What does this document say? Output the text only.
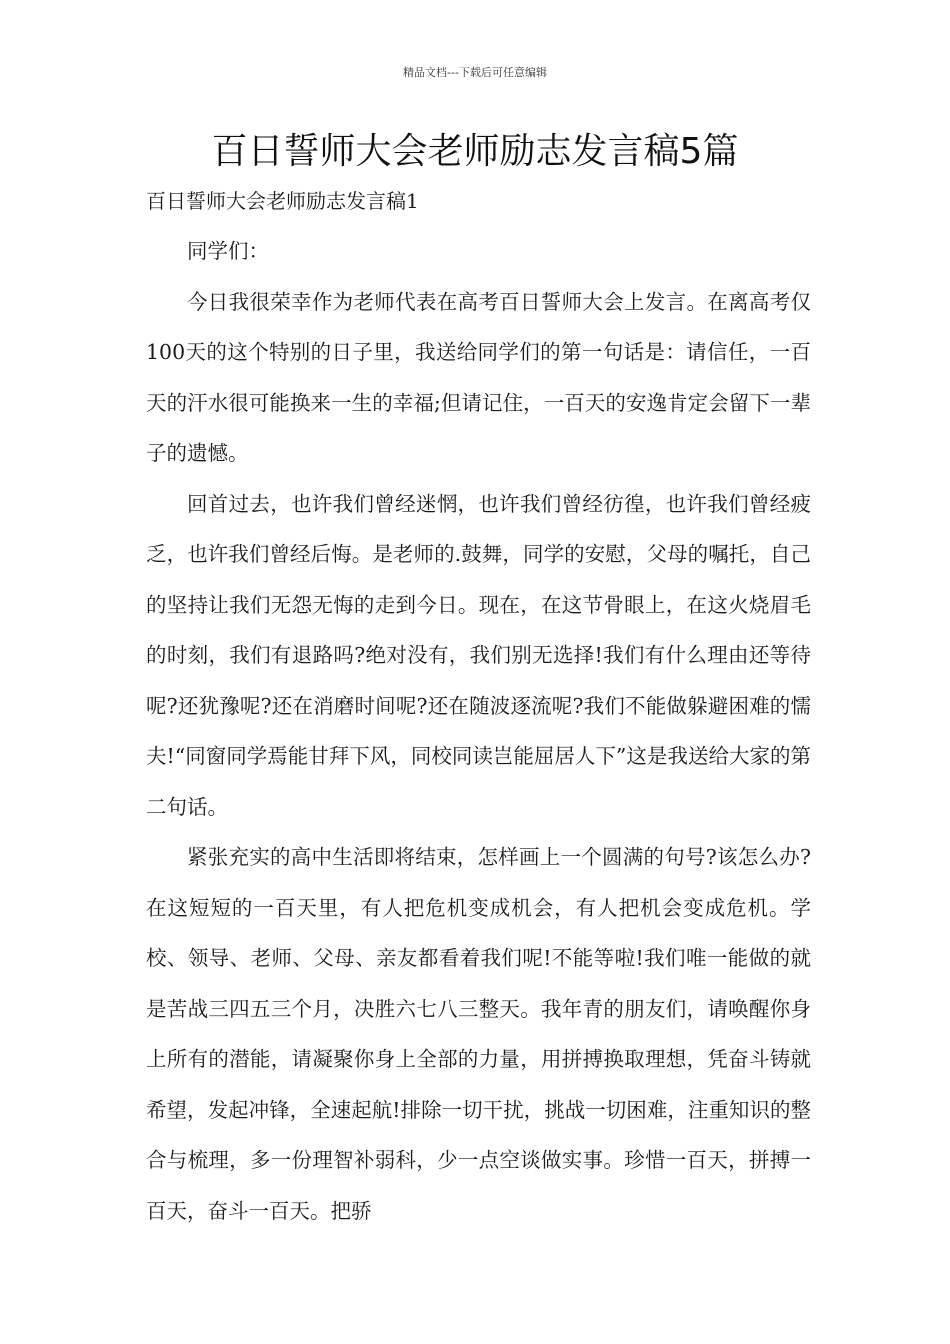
精品文档---下载后可任意编辑
百日誓师大会老师励志发言稿5篇
百日誓师大会老师励志发言稿1

同学们：

今日我很荣幸作为老师代表在高考百日誓师大会上发言。在离高考仅100天的这个特别的日子里，我送给同学们的第一句话是：请信任，一百天的汗水很可能换来一生的幸福;但请记住，一百天的安逸肯定会留下一辈子的遗憾。

回首过去，也许我们曾经迷惘，也许我们曾经彷徨，也许我们曾经疲乏，也许我们曾经后悔。是老师的.鼓舞，同学的安慰，父母的嘱托，自己的坚持让我们无怨无悔的走到今日。现在，在这节骨眼上，在这火烧眉毛的时刻，我们有退路吗?绝对没有，我们别无选择!我们有什么理由还等待呢?还犹豫呢?还在消磨时间呢?还在随波逐流呢?我们不能做躲避困难的懦夫!“同窗同学焉能甘拜下风，同校同读岂能屈居人下”这是我送给大家的第二句话。

紧张充实的高中生活即将结束，怎样画上一个圆满的句号?该怎么办?在这短短的一百天里，有人把危机变成机会，有人把机会变成危机。学校、领导、老师、父母、亲友都看着我们呢!不能等啦!我们唯一能做的就是苦战三四五三个月，决胜六七八三整天。我年青的朋友们，请唤醒你身上所有的潜能，请凝聚你身上全部的力量，用拼搏换取理想，凭奋斗铸就希望，发起冲锋，全速起航!排除一切干扰，挑战一切困难，注重知识的整合与梳理，多一份理智补弱科，少一点空谈做实事。珍惜一百天，拼搏一百天，奋斗一百天。把骄
